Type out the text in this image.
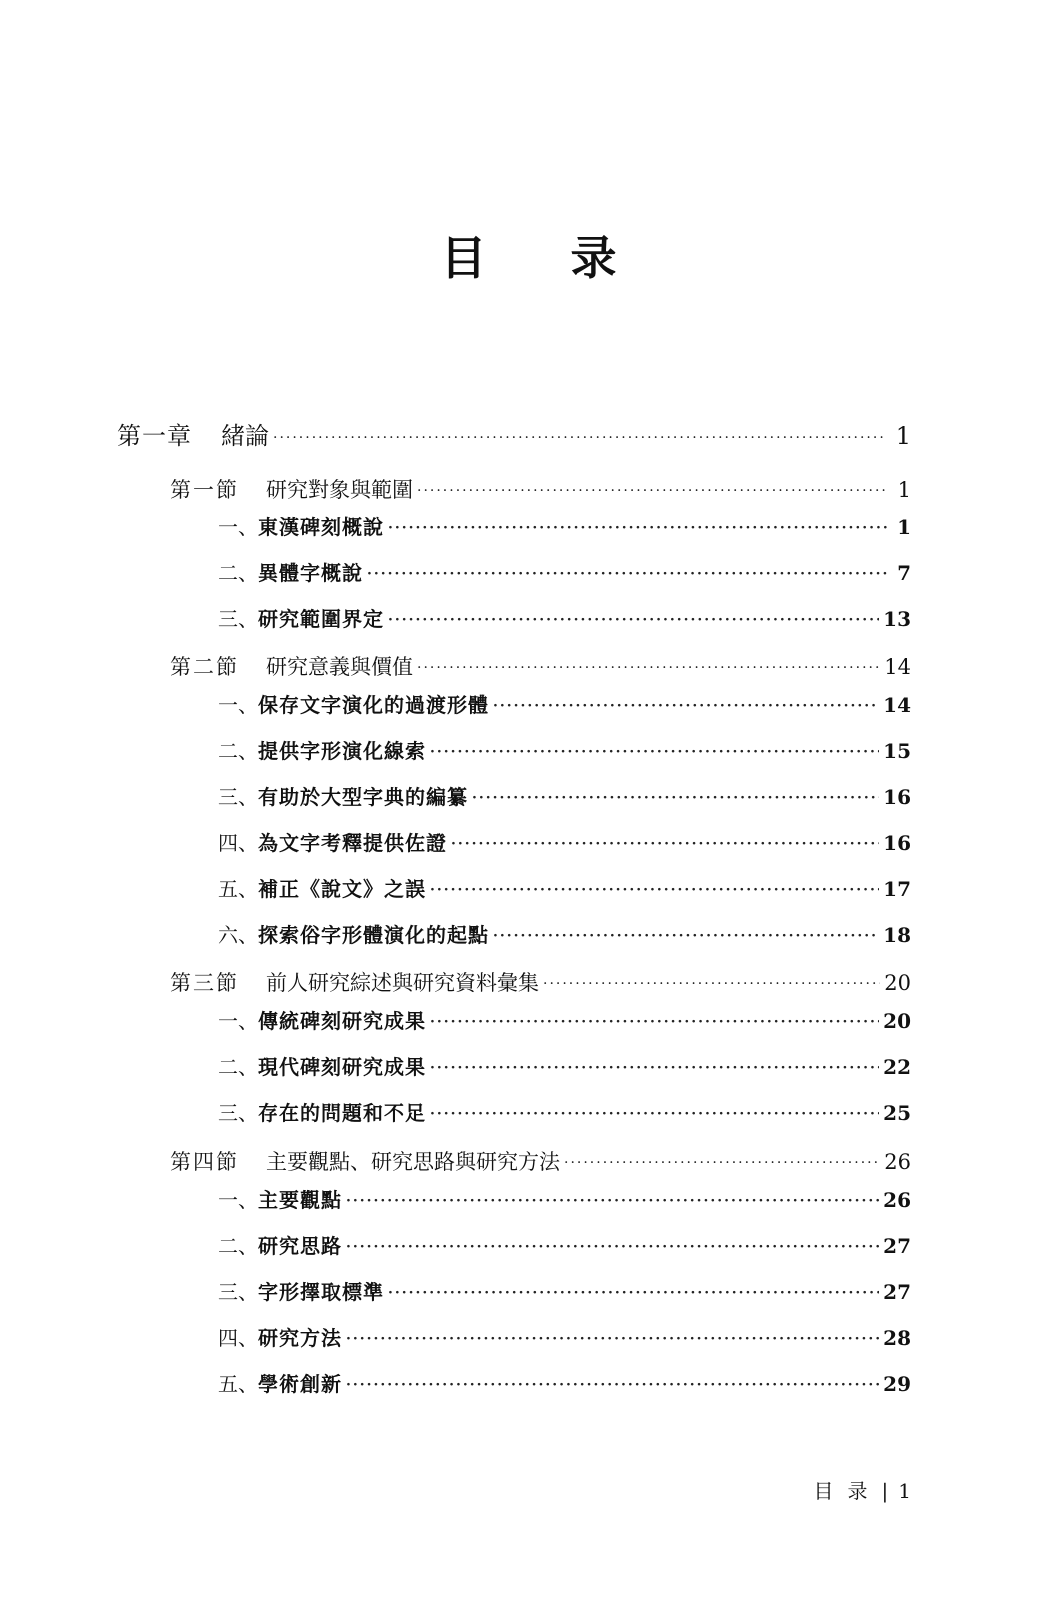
目 录
第一章	緒論 ·····	1
第一節	研究對象與範圍 ·····	1
一、 東漢碑刻概說 ·····	1
二、 異體字概說 ·····	7
三、 研究範圍界定 ·····	13
第二節	研究意義與價值 ·····	14
一、 保存文字演化的過渡形體 ·····	14
二、 提供字形演化線索 ·····	15
三、 有助於大型字典的編纂 ·····	16
四、 為文字考釋提供佐證 ·····	16
五、 補正《說文》之誤 ·····	17
六、 探索俗字形體演化的起點 ·····	18
第三節	前人研究綜述與研究資料彙集 ·····	20
一、 傳統碑刻研究成果 ·····	20
二、 現代碑刻研究成果 ·····	22
三、 存在的問題和不足 ·····	25
第四節	主要觀點、研究思路與研究方法 ·····	26
一、 主要觀點 ·····	26
二、 研究思路 ·····	27
三、 字形擇取標準 ·····	27
四、 研究方法 ·····	28
五、 學術創新 ·····	29
目录| 1
